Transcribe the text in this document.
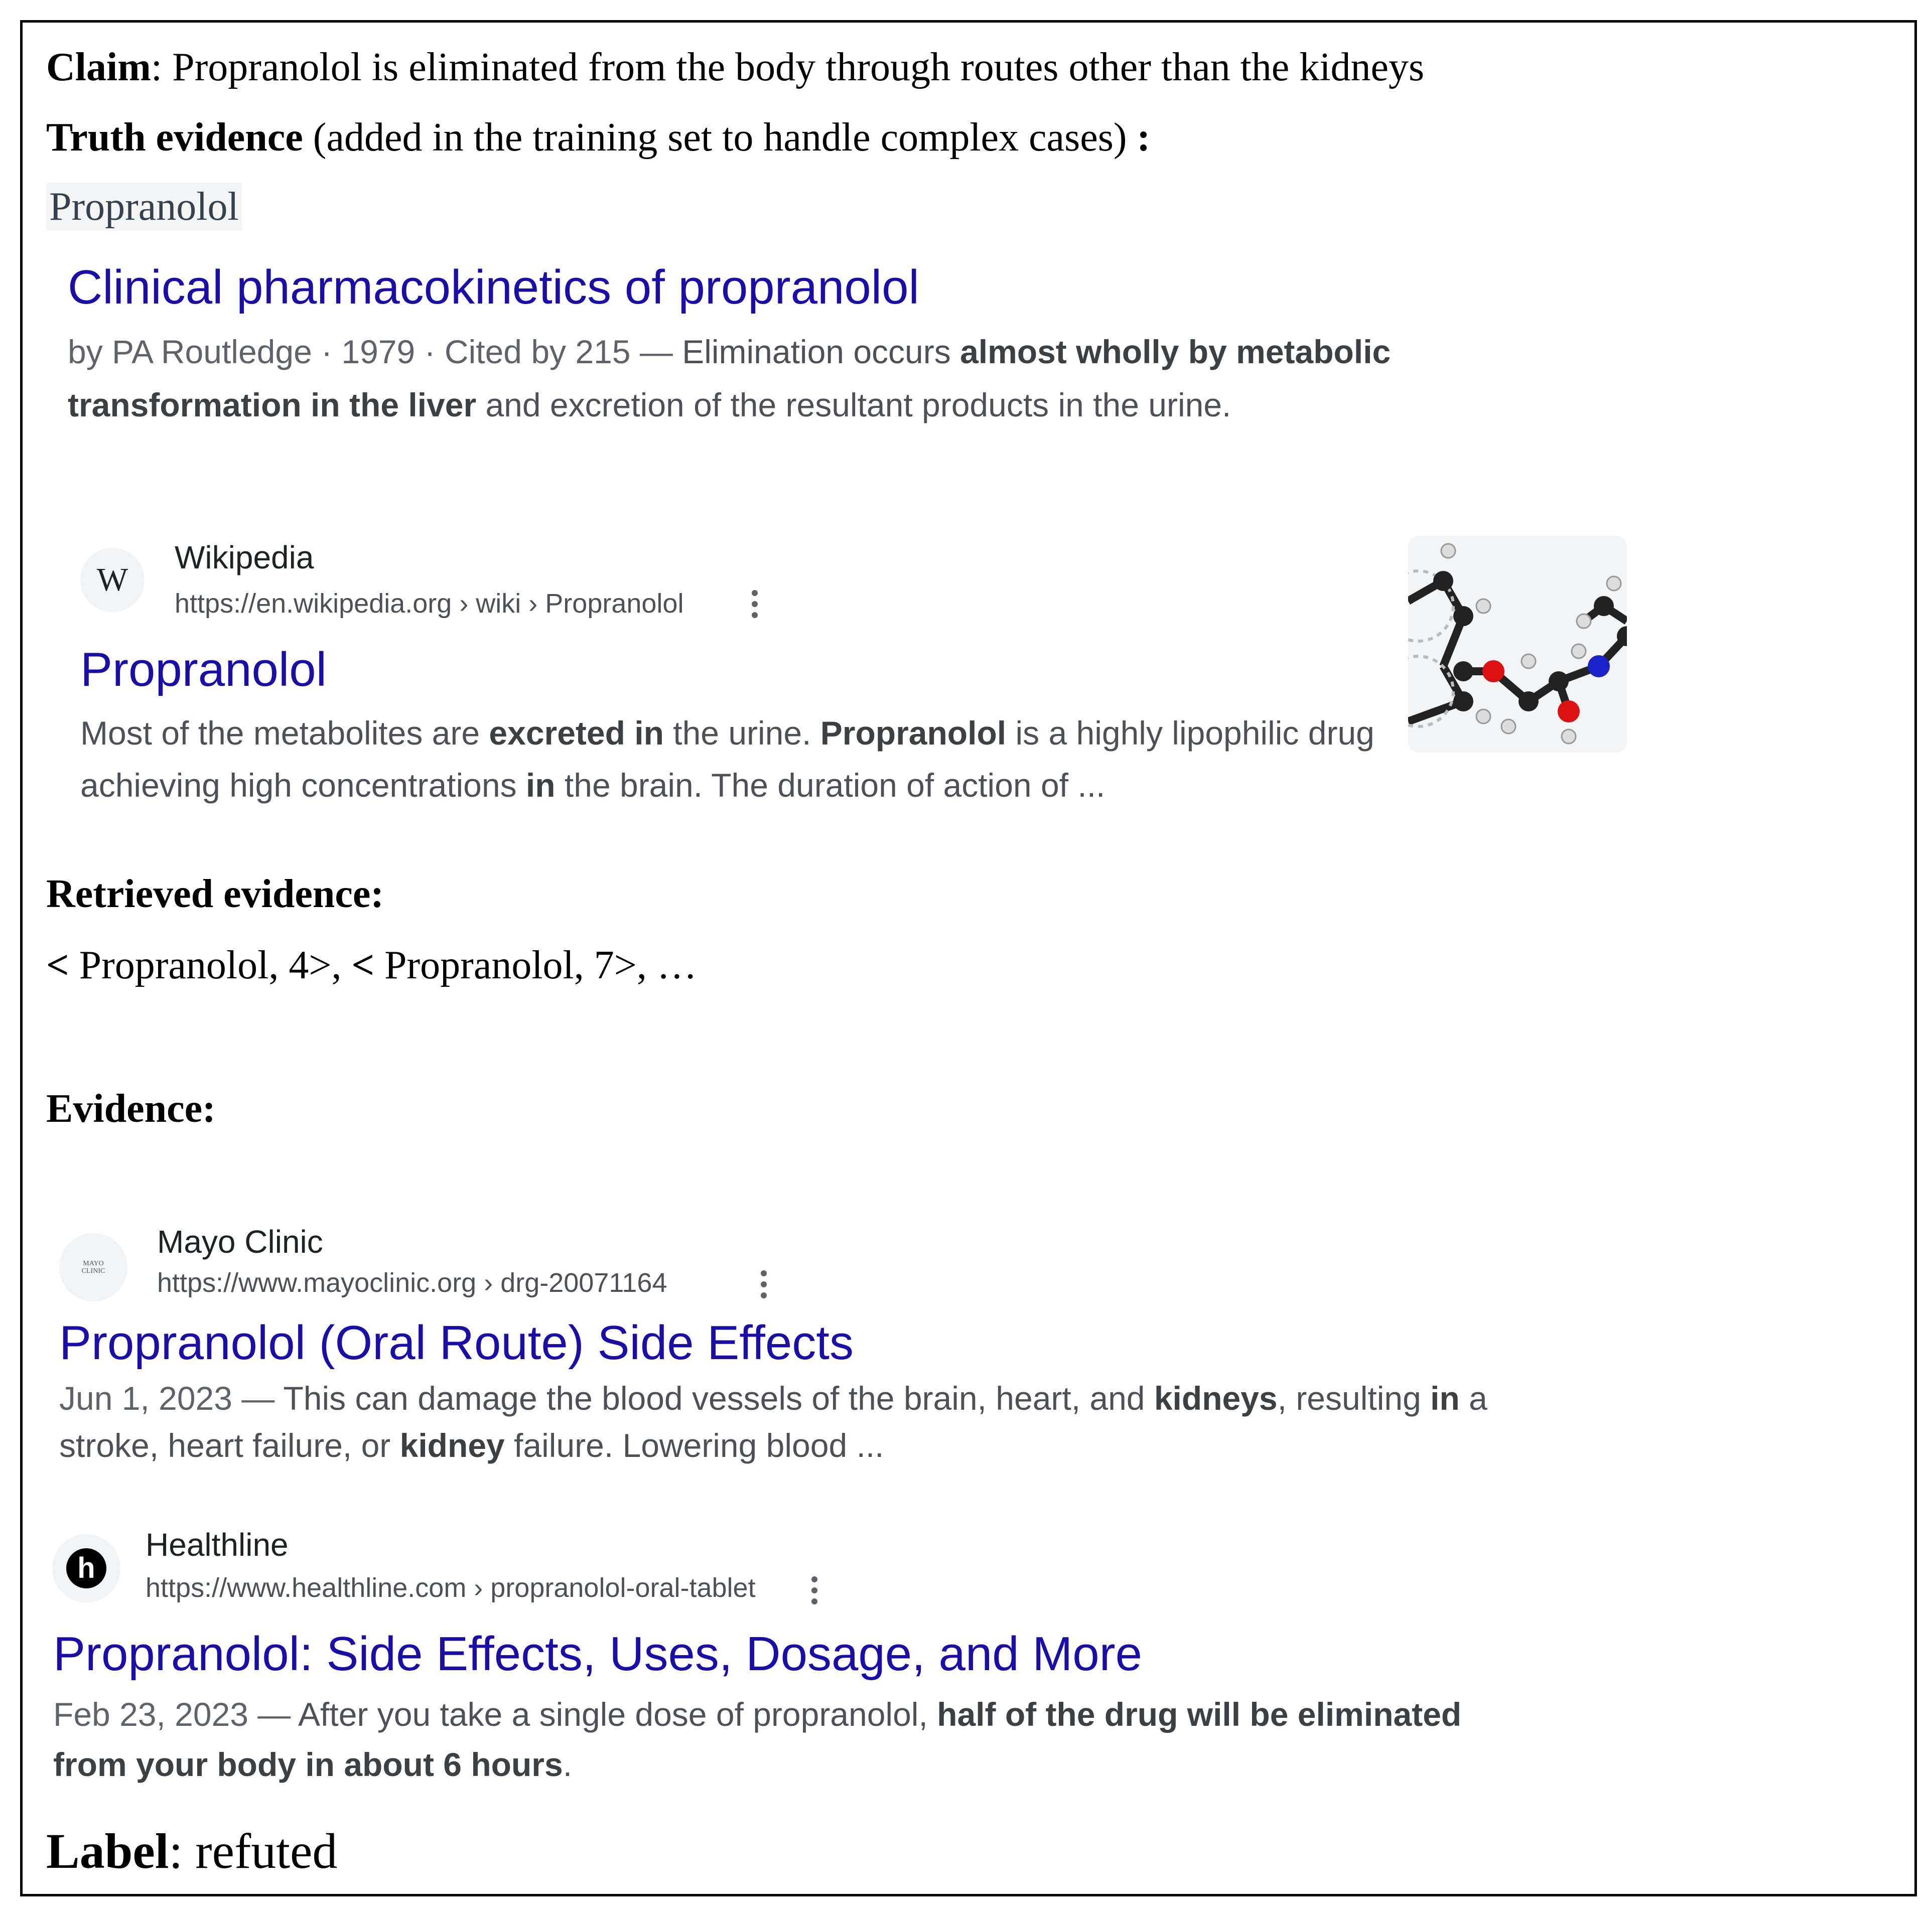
Claim: Propranolol is eliminated from the body through routes other than the kidneys
Truth evidence (added in the training set to handle complex cases) :
Propranolol
Clinical pharmacokinetics of propranolol
by PA Routledge · 1979 · Cited by 215 — Elimination occurs almost wholly by metabolic
transformation in the liver and excretion of the resultant products in the urine.
W
Wikipedia
https://en.wikipedia.org › wiki › Propranolol
Propranolol
Most of the metabolites are excreted in the urine. Propranolol is a highly lipophilic drug
achieving high concentrations in the brain. The duration of action of ...
Retrieved evidence:
< Propranolol, 4>, < Propranolol, 7>, …
Evidence:
MAYO CLINIC
Mayo Clinic
https://www.mayoclinic.org › drg-20071164
Propranolol (Oral Route) Side Effects
Jun 1, 2023 — This can damage the blood vessels of the brain, heart, and kidneys, resulting in a
stroke, heart failure, or kidney failure. Lowering blood ...
h
Healthline
https://www.healthline.com › propranolol-oral-tablet
Propranolol: Side Effects, Uses, Dosage, and More
Feb 23, 2023 — After you take a single dose of propranolol, half of the drug will be eliminated
from your body in about 6 hours.
Label: refuted
